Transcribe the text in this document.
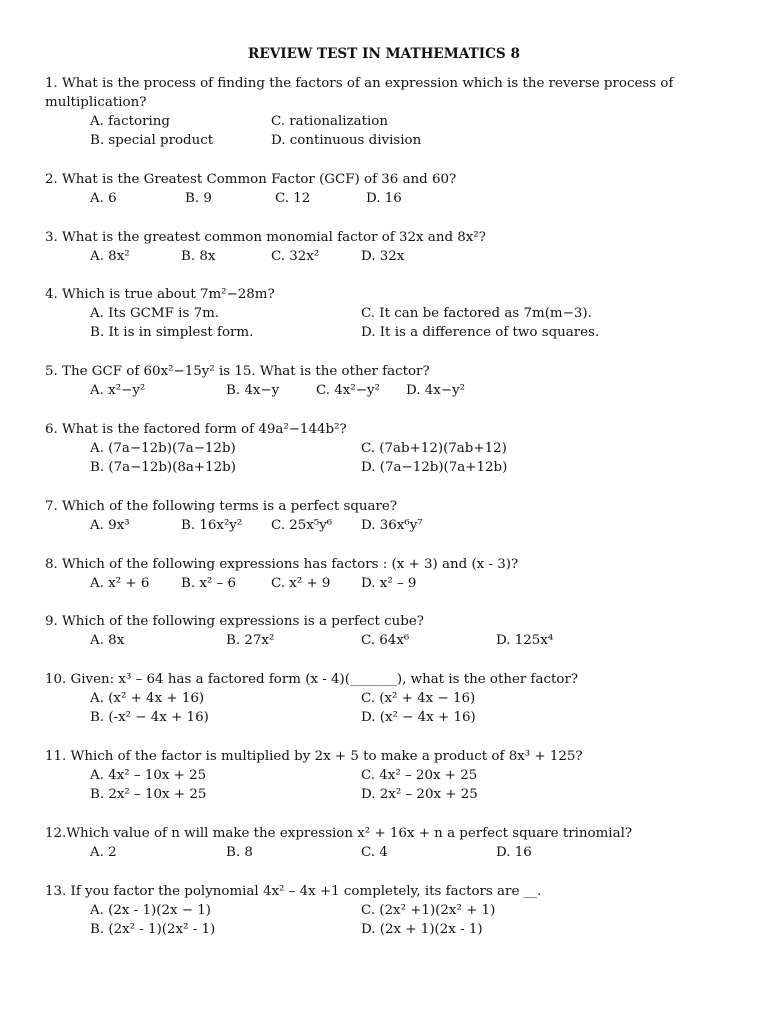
REVIEW TEST IN MATHEMATICS 8
1. What is the process of finding the factors of an expression which is the reverse process of multiplication?
A. factoring	C. rationalization
B. special product	D. continuous division
2. What is the Greatest Common Factor (GCF) of 36 and 60?
A. 6	B. 9	C. 12	D. 16
3. What is the greatest common monomial factor of 32x and 8x²?
A. 8x²	B. 8x	C. 32x²	D. 32x
4. Which is true about 7m²−28m?
A. Its GCMF is 7m.	C. It can be factored as 7m(m−3).
B. It is in simplest form.	D. It is a difference of two squares.
5. The GCF of 60x²−15y² is 15. What is the other factor?
A. x²−y²	B. 4x−y	C. 4x²−y² D. 4x−y²
6. What is the factored form of 49a²−144b²?
A. (7a−12b)(7a−12b)	C. (7ab+12)(7ab+12)
B. (7a−12b)(8a+12b)	D. (7a−12b)(7a+12b)
7. Which of the following terms is a perfect square?
A. 9x³	B. 16x²y² C. 25x⁵y⁶ D. 36x⁶y⁷
8. Which of the following expressions has factors : (x + 3) and (x - 3)?
A. x² + 6 B. x² – 6	C. x² + 9 D. x² – 9
9. Which of the following expressions is a perfect cube?
A. 8x	B. 27x²	C. 64x⁶	D. 125x⁴
10. Given: x³ – 64 has a factored form (x - 4)(_______), what is the other factor?
A. (x² + 4x + 16)	C. (x² + 4x − 16)
B. (-x² − 4x + 16)	D. (x² − 4x + 16)
11. Which of the factor is multiplied by 2x + 5 to make a product of 8x³ + 125?
A. 4x² – 10x + 25	C. 4x² – 20x + 25
B. 2x² – 10x + 25	D. 2x² – 20x + 25
12.Which value of n will make the expression x² + 16x + n a perfect square trinomial?
A. 2	B. 8	C. 4	D. 16
13. If you factor the polynomial 4x² – 4x +1 completely, its factors are __.
A. (2x - 1)(2x − 1)	C. (2x² +1)(2x² + 1)
B. (2x² - 1)(2x² - 1)	D. (2x + 1)(2x - 1)
